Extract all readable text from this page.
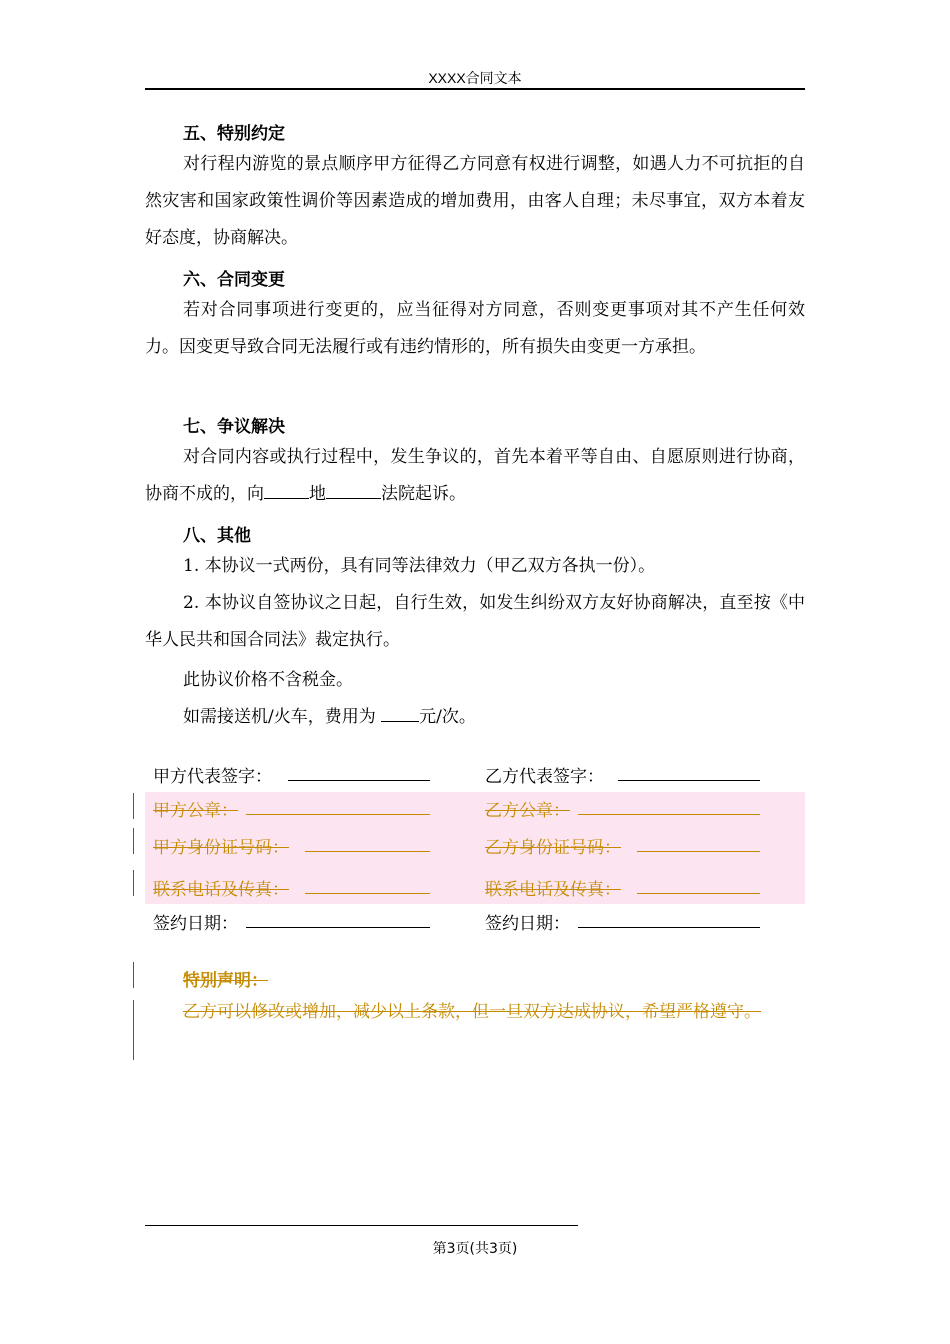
XXXX合同文本
五、特别约定
对行程内游览的景点顺序甲方征得乙方同意有权进行调整，如遇人力不可抗拒的自然灾害和国家政策性调价等因素造成的增加费用，由客人自理；未尽事宜，双方本着友好态度，协商解决。
六、合同变更
若对合同事项进行变更的，应当征得对方同意，否则变更事项对其不产生任何效力。因变更导致合同无法履行或有违约情形的，所有损失由变更一方承担。
七、争议解决
对合同内容或执行过程中，发生争议的，首先本着平等自由、自愿原则进行协商，协商不成的，向	地	法院起诉。
八、其他
1. 本协议一式两份，具有同等法律效力（甲乙双方各执一份）。
2. 本协议自签协议之日起，自行生效，如发生纠纷双方友好协商解决，直至按《中华人民共和国合同法》裁定执行。
此协议价格不含税金。
如需接送机/火车，费用为	元/次。
甲方代表签字：	乙方代表签字：
甲方公章：	乙方公章：
甲方身份证号码：	乙方身份证号码：
联系电话及传真：	联系电话及传真：
签约日期：	签约日期：
特别声明：
乙方可以修改或增加，减少以上条款，但一旦双方达成协议，希望严格遵守。
第3页(共3页)
